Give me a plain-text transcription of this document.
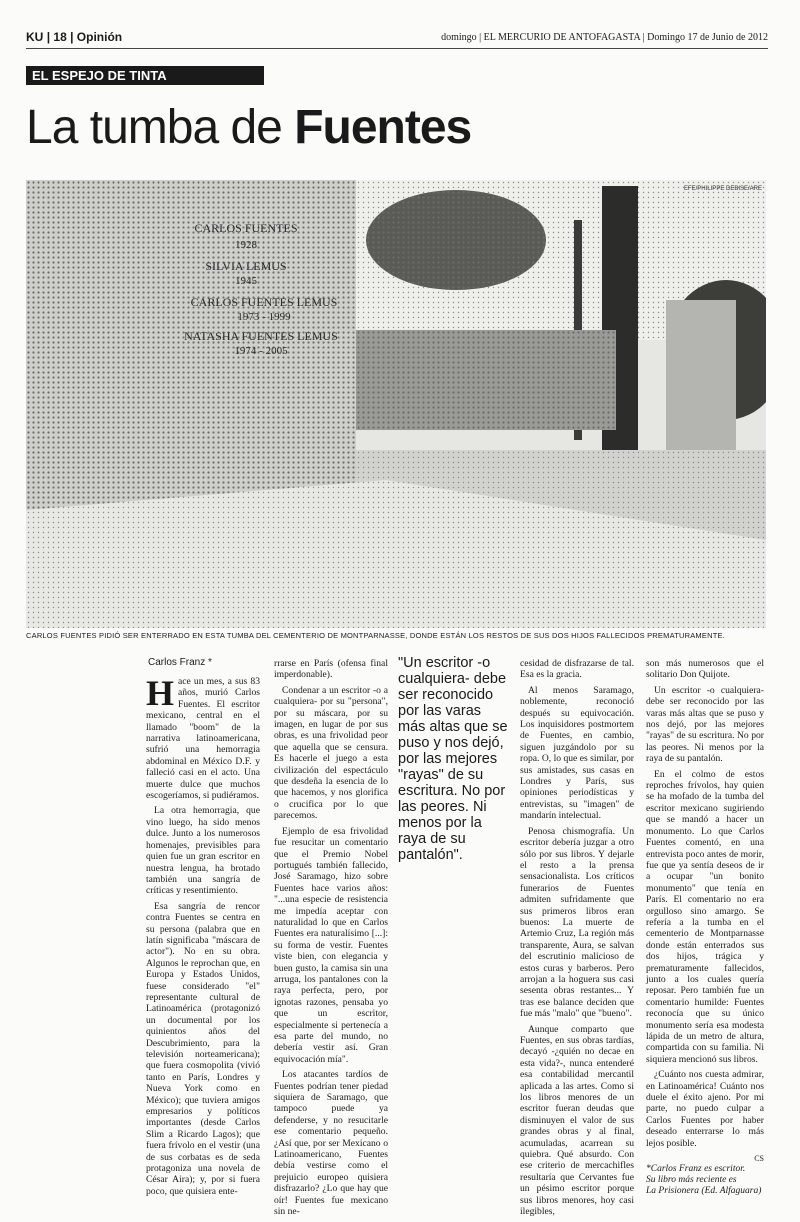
KU | 18 | Opinión	domingo | EL MERCURIO DE ANTOFAGASTA | Domingo 17 de Junio de 2012
EL ESPEJO DE TINTA
La tumba de Fuentes
CARLOS FUENTES
1928
SILVIA LEMUS
1945
CARLOS FUENTES LEMUS
1973 - 1999
NATASHA FUENTES LEMUS
1974 - 2005
EFE/PHILIPPE DEBISE/ARE
CARLOS FUENTES PIDIÓ SER ENTERRADO EN ESTA TUMBA DEL CEMENTERIO DE MONTPARNASSE, DONDE ESTÁN LOS RESTOS DE SUS DOS HIJOS FALLECIDOS PREMATURAMENTE.
Carlos Franz *

Hace un mes, a sus 83 años, murió Carlos Fuentes. El escritor mexicano, central en el llamado "boom" de la narrativa latinoamericana, sufrió una hemorragia abdominal en México D.F. y falleció casi en el acto. Una muerte dulce que muchos escogeríamos, si pudiéramos.

La otra hemorragia, que vino luego, ha sido menos dulce. Junto a los numerosos homenajes, previsibles para quien fue un gran escritor en nuestra lengua, ha brotado también una sangría de críticas y resentimiento.

Esa sangría de rencor contra Fuentes se centra en su persona (palabra que en latín significaba "máscara de actor"). No en su obra. Algunos le reprochan que, en Europa y Estados Unidos, fuese considerado "el" representante cultural de Latinoamérica (protagonizó un documental por los quinientos años del Descubrimiento, para la televisión norteamericana); que fuera cosmopolita (vivió tanto en París, Londres y Nueva York como en México); que tuviera amigos empresarios y políticos importantes (desde Carlos Slim a Ricardo Lagos); que fuera frívolo en el vestir (una de sus corbatas es de seda protagoniza una novela de César Aira); y, por si fuera poco, que quisiera ente-

rrarse en París (ofensa final imperdonable).

Condenar a un escritor -o a cualquiera- por su "persona", por su máscara, por su imagen, en lugar de por sus obras, es una frivolidad peor que aquella que se censura. Es hacerle el juego a esta civilización del espectáculo que desdeña la esencia de lo que hacemos, y nos glorifica o crucifica por lo que parecemos.

Ejemplo de esa frivolidad fue resucitar un comentario que el Premio Nobel portugués también fallecido, José Saramago, hizo sobre Fuentes hace varios años: "...una especie de resistencia me impedía aceptar con naturalidad lo que en Carlos Fuentes era naturalísimo [...]: su forma de vestir. Fuentes viste bien, con elegancia y buen gusto, la camisa sin una arruga, los pantalones con la raya perfecta, pero, por ignotas razones, pensaba yo que un escritor, especialmente si pertenecía a esa parte del mundo, no debería vestir así. Gran equivocación mía".

Los atacantes tardíos de Fuentes podrían tener piedad siquiera de Saramago, que tampoco puede ya defenderse, y no resucitarle ese comentario pequeño. ¿Así que, por ser Mexicano o Latinoamericano, Fuentes debía vestirse como el prejuicio europeo quisiera disfrazarlo? ¿Lo que hay que oír! Fuentes fue mexicano sin ne-

"Un escritor -o cualquiera- debe ser reconocido por las varas más altas que se puso y nos dejó, por las mejores "rayas" de su escritura. No por las peores. Ni menos por la raya de su pantalón".

cesidad de disfrazarse de tal. Esa es la gracia.

Al menos Saramago, noblemente, reconoció después su equivocación. Los inquisidores postmortem de Fuentes, en cambio, siguen juzgándolo por su ropa. O, lo que es similar, por sus amistades, sus casas en Londres y París, sus opiniones periodísticas y entrevistas, su "imagen" de mandarín intelectual.

Penosa chismografía. Un escritor debería juzgar a otro sólo por sus libros. Y dejarle el resto a la prensa sensacionalista. Los críticos funerarios de Fuentes admiten sufridamente que sus primeros libros eran buenos: La muerte de Artemio Cruz, La región más transparente, Aura, se salvan del escrutinio malicioso de estos curas y barberos. Pero arrojan a la hoguera sus casi sesenta obras restantes... Y tras ese balance deciden que fue más "malo" que "bueno".

Aunque comparto que Fuentes, en sus obras tardías, decayó -¿quién no decae en esta vida?-, nunca entenderé esa contabilidad mercantil aplicada a las artes. Como si los libros menores de un escritor fueran deudas que disminuyen el valor de sus grandes obras y al final, acumuladas, acarrean su quiebra. Qué absurdo. Con ese criterio de mercachifles resultaría que Cervantes fue un pésimo escritor porque sus libros menores, hoy casi ilegibles,

son más numerosos que el solitario Don Quijote.

Un escritor -o cualquiera- debe ser reconocido por las varas más altas que se puso y nos dejó, por las mejores "rayas" de su escritura. No por las peores. Ni menos por la raya de su pantalón.

En el colmo de estos reproches frívolos, hay quien se ha mofado de la tumba del escritor mexicano sugiriendo que se mandó a hacer un monumento. Lo que Carlos Fuentes comentó, en una entrevista poco antes de morir, fue que ya sentía deseos de ir a ocupar "un bonito monumento" que tenía en París. El comentario no era orgulloso sino amargo. Se refería a la tumba en el cementerio de Montparnasse donde están enterrados sus dos hijos, trágica y prematuramente fallecidos, junto a los cuales quería reposar. Pero también fue un comentario humilde: Fuentes reconocía que su único monumento sería esa modesta lápida de un metro de altura, compartida con su familia. Ni siquiera mencionó sus libros.

¿Cuánto nos cuesta admirar, en Latinoamérica! Cuánto nos duele el éxito ajeno. Por mi parte, no puedo culpar a Carlos Fuentes por haber deseado enterrarse lo más lejos posible.

CS
*Carlos Franz es escritor.
Su libro más reciente es
La Prisionera (Ed. Alfaguara)
